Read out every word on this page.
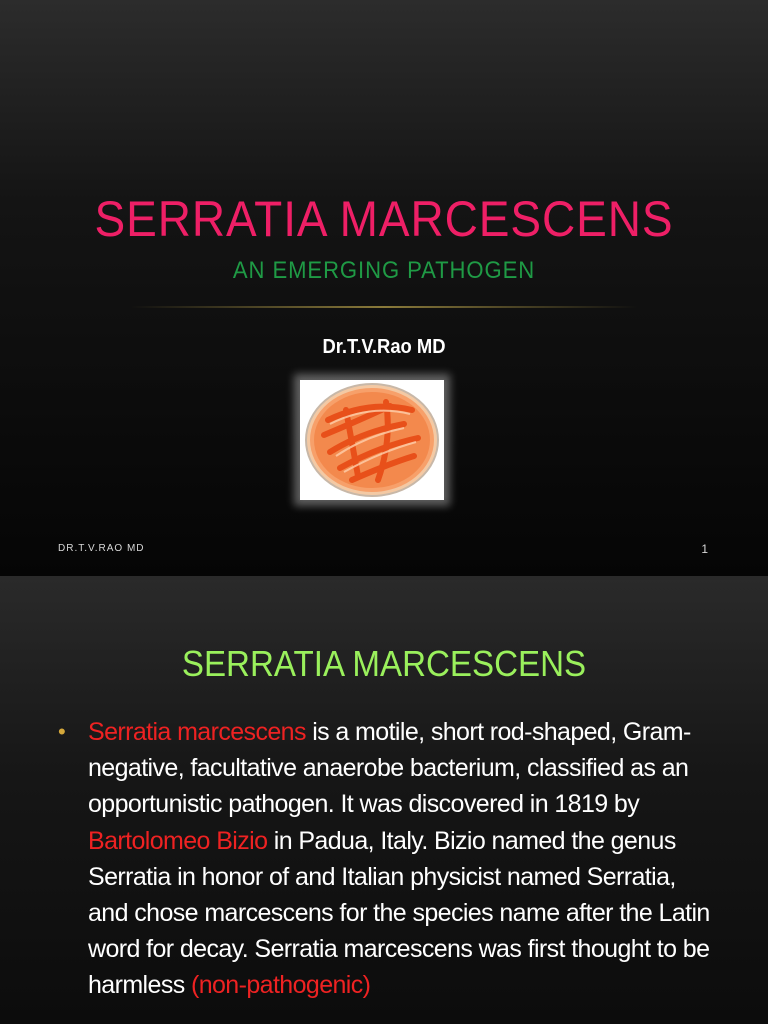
SERRATIA MARCESCENS
AN EMERGING PATHOGEN
Dr.T.V.Rao MD
DR.T.V.RAO MD	1
SERRATIA MARCESCENS
• Serratia marcescens is a motile, short rod-shaped, Gram-negative, facultative anaerobe bacterium, classified as an opportunistic pathogen. It was discovered in 1819 by Bartolomeo Bizio in Padua, Italy. Bizio named the genus Serratia in honor of and Italian physicist named Serratia, and chose marcescens for the species name after the Latin word for decay. Serratia marcescens was first thought to be harmless (non-pathogenic)
